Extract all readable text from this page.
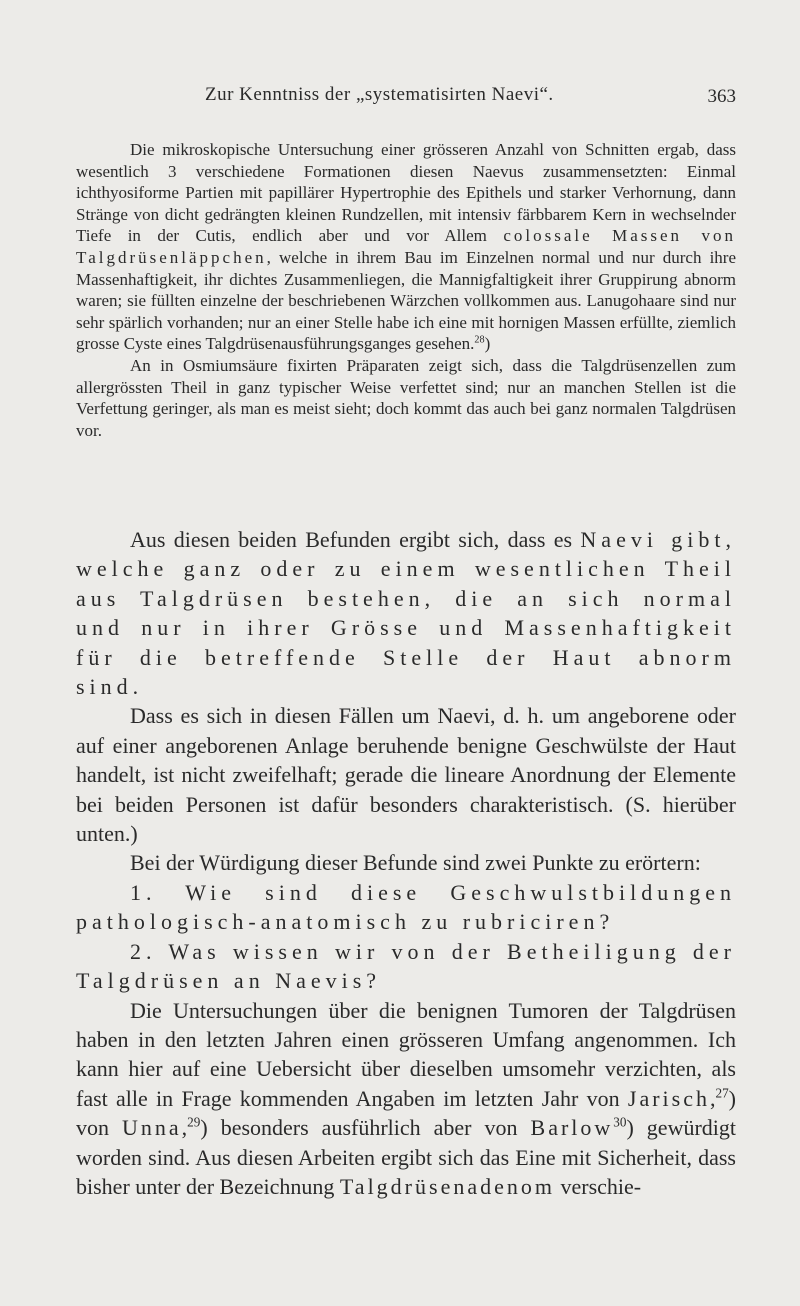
Zur Kenntniss der „systematisirten Naevi“.	363

Die mikroskopische Untersuchung einer grösseren Anzahl von Schnitten ergab, dass wesentlich 3 verschiedene Formationen diesen Naevus zusammensetzten: Einmal ichthyosiforme Partien mit papillärer Hypertrophie des Epithels und starker Verhornung, dann Stränge von dicht gedrängten kleinen Rundzellen, mit intensiv färbbarem Kern in wechselnder Tiefe in der Cutis, endlich aber und vor Allem colossale Massen von Talgdrüsenläppchen, welche in ihrem Bau im Einzelnen normal und nur durch ihre Massenhaftigkeit, ihr dichtes Zusammenliegen, die Mannigfaltigkeit ihrer Gruppirung abnorm waren; sie füllten einzelne der beschriebenen Wärzchen vollkommen aus. Lanugohaare sind nur sehr spärlich vorhanden; nur an einer Stelle habe ich eine mit hornigen Massen erfüllte, ziemlich grosse Cyste eines Talgdrüsenausführungsganges gesehen.$^{28}$)

An in Osmiumsäure fixirten Präparaten zeigt sich, dass die Talgdrüsenzellen zum allergrössten Theil in ganz typischer Weise verfettet sind; nur an manchen Stellen ist die Verfettung geringer, als man es meist sieht; doch kommt das auch bei ganz normalen Talgdrüsen vor.

Aus diesen beiden Befunden ergibt sich, dass es Naevi gibt, welche ganz oder zu einem wesentlichen Theil aus Talgdrüsen bestehen, die an sich normal und nur in ihrer Grösse und Massenhaftigkeit für die betreffende Stelle der Haut abnorm sind.

Dass es sich in diesen Fällen um Naevi, d. h. um angeborene oder auf einer angeborenen Anlage beruhende benigne Geschwülste der Haut handelt, ist nicht zweifelhaft; gerade die lineare Anordnung der Elemente bei beiden Personen ist dafür besonders charakteristisch. (S. hierüber unten.)

Bei der Würdigung dieser Befunde sind zwei Punkte zu erörtern:

1. Wie sind diese Geschwulstbildungen pathologisch-anatomisch zu rubriciren?

2. Was wissen wir von der Betheiligung der Talgdrüsen an Naevis?

Die Untersuchungen über die benignen Tumoren der Talgdrüsen haben in den letzten Jahren einen grösseren Umfang angenommen. Ich kann hier auf eine Uebersicht über dieselben umsomehr verzichten, als fast alle in Frage kommenden Angaben im letzten Jahr von Jarisch,$^{27}$) von Unna,$^{29}$) besonders ausführlich aber von Barlow$^{30}$) gewürdigt worden sind. Aus diesen Arbeiten ergibt sich das Eine mit Sicherheit, dass bisher unter der Bezeichnung Talgdrüsenadenom verschie-
